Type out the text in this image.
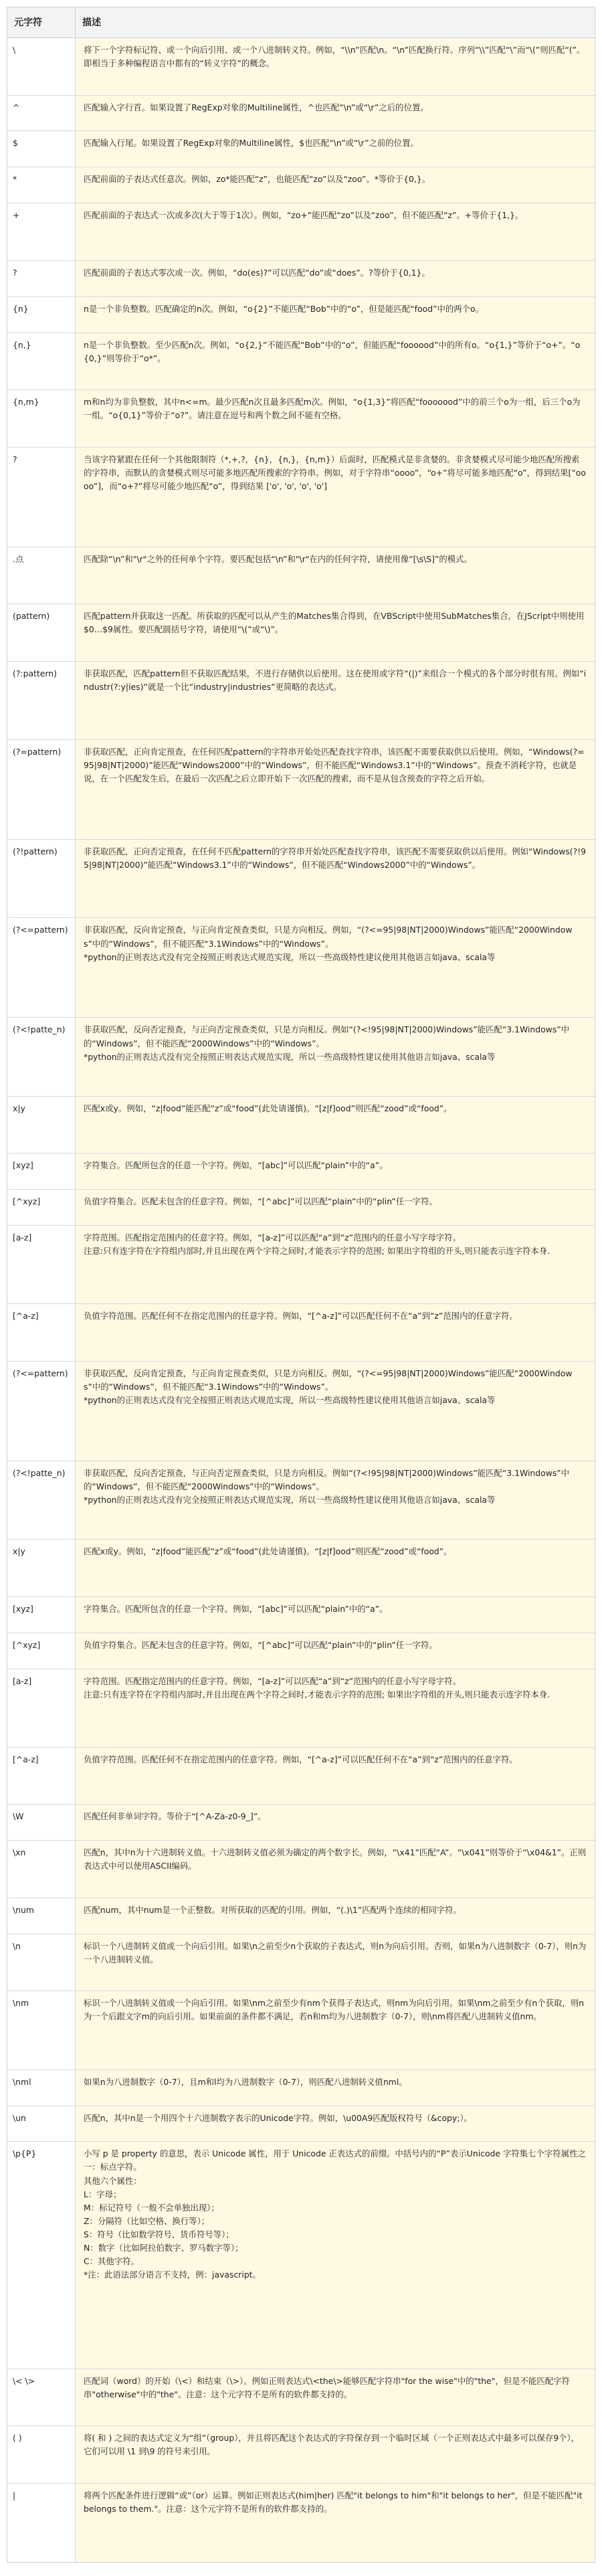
元字符	描述
\	将下一个字符标记符、或一个向后引用、或一个八进制转义符。例如，“\\n”匹配\n。“\n”匹配换行符。序列“\\”匹配“\”而“\(”则匹配“(”。即相当于多种编程语言中都有的“转义字符”的概念。
^	匹配输入字行首。如果设置了RegExp对象的Multiline属性，^也匹配“\n”或“\r”之后的位置。
$	匹配输入行尾。如果设置了RegExp对象的Multiline属性，$也匹配“\n”或“\r”之前的位置。
*	匹配前面的子表达式任意次。例如，zo*能匹配“z”，也能匹配“zo”以及“zoo”。*等价于{0,}。
+	匹配前面的子表达式一次或多次(大于等于1次）。例如，“zo+”能匹配“zo”以及“zoo”，但不能匹配“z”。+等价于{1,}。
?	匹配前面的子表达式零次或一次。例如，“do(es)?”可以匹配“do”或“does”。?等价于{0,1}。
{n}	n是一个非负整数。匹配确定的n次。例如，“o{2}”不能匹配“Bob”中的“o”，但是能匹配“food”中的两个o。
{n,}	n是一个非负整数。至少匹配n次。例如，“o{2,}”不能匹配“Bob”中的“o”，但能匹配“foooood”中的所有o。“o{1,}”等价于“o+”。“o{0,}”则等价于“o*”。
{n,m}	m和n均为非负整数，其中n<=m。最少匹配n次且最多匹配m次。例如，“o{1,3}”将匹配“fooooood”中的前三个o为一组，后三个o为一组。“o{0,1}”等价于“o?”。请注意在逗号和两个数之间不能有空格。
?	当该字符紧跟在任何一个其他限制符（*,+,?，{n}，{n,}，{n,m}）后面时，匹配模式是非贪婪的。非贪婪模式尽可能少地匹配所搜索的字符串，而默认的贪婪模式则尽可能多地匹配所搜索的字符串。例如，对于字符串“oooo”，“o+”将尽可能多地匹配“o”，得到结果[“oooo”]，而“o+?”将尽可能少地匹配“o”，得到结果 ['o', 'o', 'o', 'o']
.点	匹配除“\n”和"\r"之外的任何单个字符。要匹配包括“\n”和"\r"在内的任何字符，请使用像“[\s\S]”的模式。
(pattern)	匹配pattern并获取这一匹配。所获取的匹配可以从产生的Matches集合得到，在VBScript中使用SubMatches集合，在JScript中则使用$0…$9属性。要匹配圆括号字符，请使用“\(”或“\)”。
(?:pattern)	非获取匹配，匹配pattern但不获取匹配结果，不进行存储供以后使用。这在使用或字符“(|)”来组合一个模式的各个部分时很有用。例如“industr(?:y|ies)”就是一个比“industry|industries”更简略的表达式。
(?=pattern)	非获取匹配，正向肯定预查，在任何匹配pattern的字符串开始处匹配查找字符串，该匹配不需要获取供以后使用。例如，“Windows(?=95|98|NT|2000)”能匹配“Windows2000”中的“Windows”，但不能匹配“Windows3.1”中的“Windows”。预查不消耗字符，也就是说，在一个匹配发生后，在最后一次匹配之后立即开始下一次匹配的搜索，而不是从包含预查的字符之后开始。
(?!pattern)	非获取匹配，正向否定预查，在任何不匹配pattern的字符串开始处匹配查找字符串，该匹配不需要获取供以后使用。例如“Windows(?!95|98|NT|2000)”能匹配“Windows3.1”中的“Windows”，但不能匹配“Windows2000”中的“Windows”。
(?<=pattern)	非获取匹配，反向肯定预查，与正向肯定预查类似，只是方向相反。例如，“(?<=95|98|NT|2000)Windows”能匹配“2000Windows”中的“Windows”，但不能匹配“3.1Windows”中的“Windows”。
*python的正则表达式没有完全按照正则表达式规范实现，所以一些高级特性建议使用其他语言如java、scala等
(?<!patte_n)	非获取匹配，反向否定预查，与正向否定预查类似，只是方向相反。例如“(?<!95|98|NT|2000)Windows”能匹配“3.1Windows”中的“Windows”，但不能匹配“2000Windows”中的“Windows”。
*python的正则表达式没有完全按照正则表达式规范实现，所以一些高级特性建议使用其他语言如java、scala等
x|y	匹配x或y。例如，“z|food”能匹配“z”或“food”(此处请谨慎)。“[z|f]ood”则匹配“zood”或“food”。
[xyz]	字符集合。匹配所包含的任意一个字符。例如，“[abc]”可以匹配“plain”中的“a”。
[^xyz]	负值字符集合。匹配未包含的任意字符。例如，“[^abc]”可以匹配“plain”中的“plin”任一字符。
[a-z]	字符范围。匹配指定范围内的任意字符。例如，“[a-z]”可以匹配“a”到“z”范围内的任意小写字母字符。
注意:只有连字符在字符组内部时,并且出现在两个字符之间时,才能表示字符的范围; 如果出字符组的开头,则只能表示连字符本身.
[^a-z]	负值字符范围。匹配任何不在指定范围内的任意字符。例如，“[^a-z]”可以匹配任何不在“a”到“z”范围内的任意字符。
(?<=pattern)	非获取匹配，反向肯定预查，与正向肯定预查类似，只是方向相反。例如，“(?<=95|98|NT|2000)Windows”能匹配“2000Windows”中的“Windows”，但不能匹配“3.1Windows”中的“Windows”。
*python的正则表达式没有完全按照正则表达式规范实现，所以一些高级特性建议使用其他语言如java、scala等
(?<!patte_n)	非获取匹配，反向否定预查，与正向否定预查类似，只是方向相反。例如“(?<!95|98|NT|2000)Windows”能匹配“3.1Windows”中的“Windows”，但不能匹配“2000Windows”中的“Windows”。
*python的正则表达式没有完全按照正则表达式规范实现，所以一些高级特性建议使用其他语言如java、scala等
x|y	匹配x或y。例如，“z|food”能匹配“z”或“food”(此处请谨慎)。“[z|f]ood”则匹配“zood”或“food”。
[xyz]	字符集合。匹配所包含的任意一个字符。例如，“[abc]”可以匹配“plain”中的“a”。
[^xyz]	负值字符集合。匹配未包含的任意字符。例如，“[^abc]”可以匹配“plain”中的“plin”任一字符。
[a-z]	字符范围。匹配指定范围内的任意字符。例如，“[a-z]”可以匹配“a”到“z”范围内的任意小写字母字符。
注意:只有连字符在字符组内部时,并且出现在两个字符之间时,才能表示字符的范围; 如果出字符组的开头,则只能表示连字符本身.
[^a-z]	负值字符范围。匹配任何不在指定范围内的任意字符。例如，“[^a-z]”可以匹配任何不在“a”到“z”范围内的任意字符。
\W	匹配任何非单词字符。等价于“[^A-Za-z0-9_]”。
\xn	匹配n，其中n为十六进制转义值。十六进制转义值必须为确定的两个数字长。例如，“\x41”匹配“A”。“\x041”则等价于“\x04&1”。正则表达式中可以使用ASCII编码。
\num	匹配num，其中num是一个正整数。对所获取的匹配的引用。例如，“(.)\1”匹配两个连续的相同字符。
\n	标识一个八进制转义值或一个向后引用。如果\n之前至少n个获取的子表达式，则n为向后引用。否则，如果n为八进制数字（0-7），则n为一个八进制转义值。
\nm	标识一个八进制转义值或一个向后引用。如果\nm之前至少有nm个获得子表达式，则nm为向后引用。如果\nm之前至少有n个获取，则n为一个后跟文字m的向后引用。如果前面的条件都不满足，若n和m均为八进制数字（0-7），则\nm将匹配八进制转义值nm。
\nml	如果n为八进制数字（0-7），且m和l均为八进制数字（0-7），则匹配八进制转义值nml。
\un	匹配n，其中n是一个用四个十六进制数字表示的Unicode字符。例如，\u00A9匹配版权符号（&copy;）。
\p{P}	小写 p 是 property 的意思，表示 Unicode 属性，用于 Unicode 正表达式的前缀。中括号内的“P”表示Unicode 字符集七个字符属性之一：标点字符。
其他六个属性：
L：字母；
M：标记符号（一般不会单独出现）；
Z：分隔符（比如空格、换行等）；
S：符号（比如数学符号、货币符号等）；
N：数字（比如阿拉伯数字、罗马数字等）；
C：其他字符。
*注：此语法部分语言不支持，例：javascript。
\< \>	匹配词（word）的开始（\<）和结束（\>）。例如正则表达式\<the\>能够匹配字符串"for the wise"中的"the"，但是不能匹配字符串"otherwise"中的"the"。注意：这个元字符不是所有的软件都支持的。
( )	将( 和 ) 之间的表达式定义为“组”（group），并且将匹配这个表达式的字符保存到一个临时区域（一个正则表达式中最多可以保存9个），它们可以用 \1 到\9 的符号来引用。
|	将两个匹配条件进行逻辑“或”（or）运算。例如正则表达式(him|her) 匹配"it belongs to him"和"it belongs to her"，但是不能匹配"it belongs to them."。注意：这个元字符不是所有的软件都支持的。
